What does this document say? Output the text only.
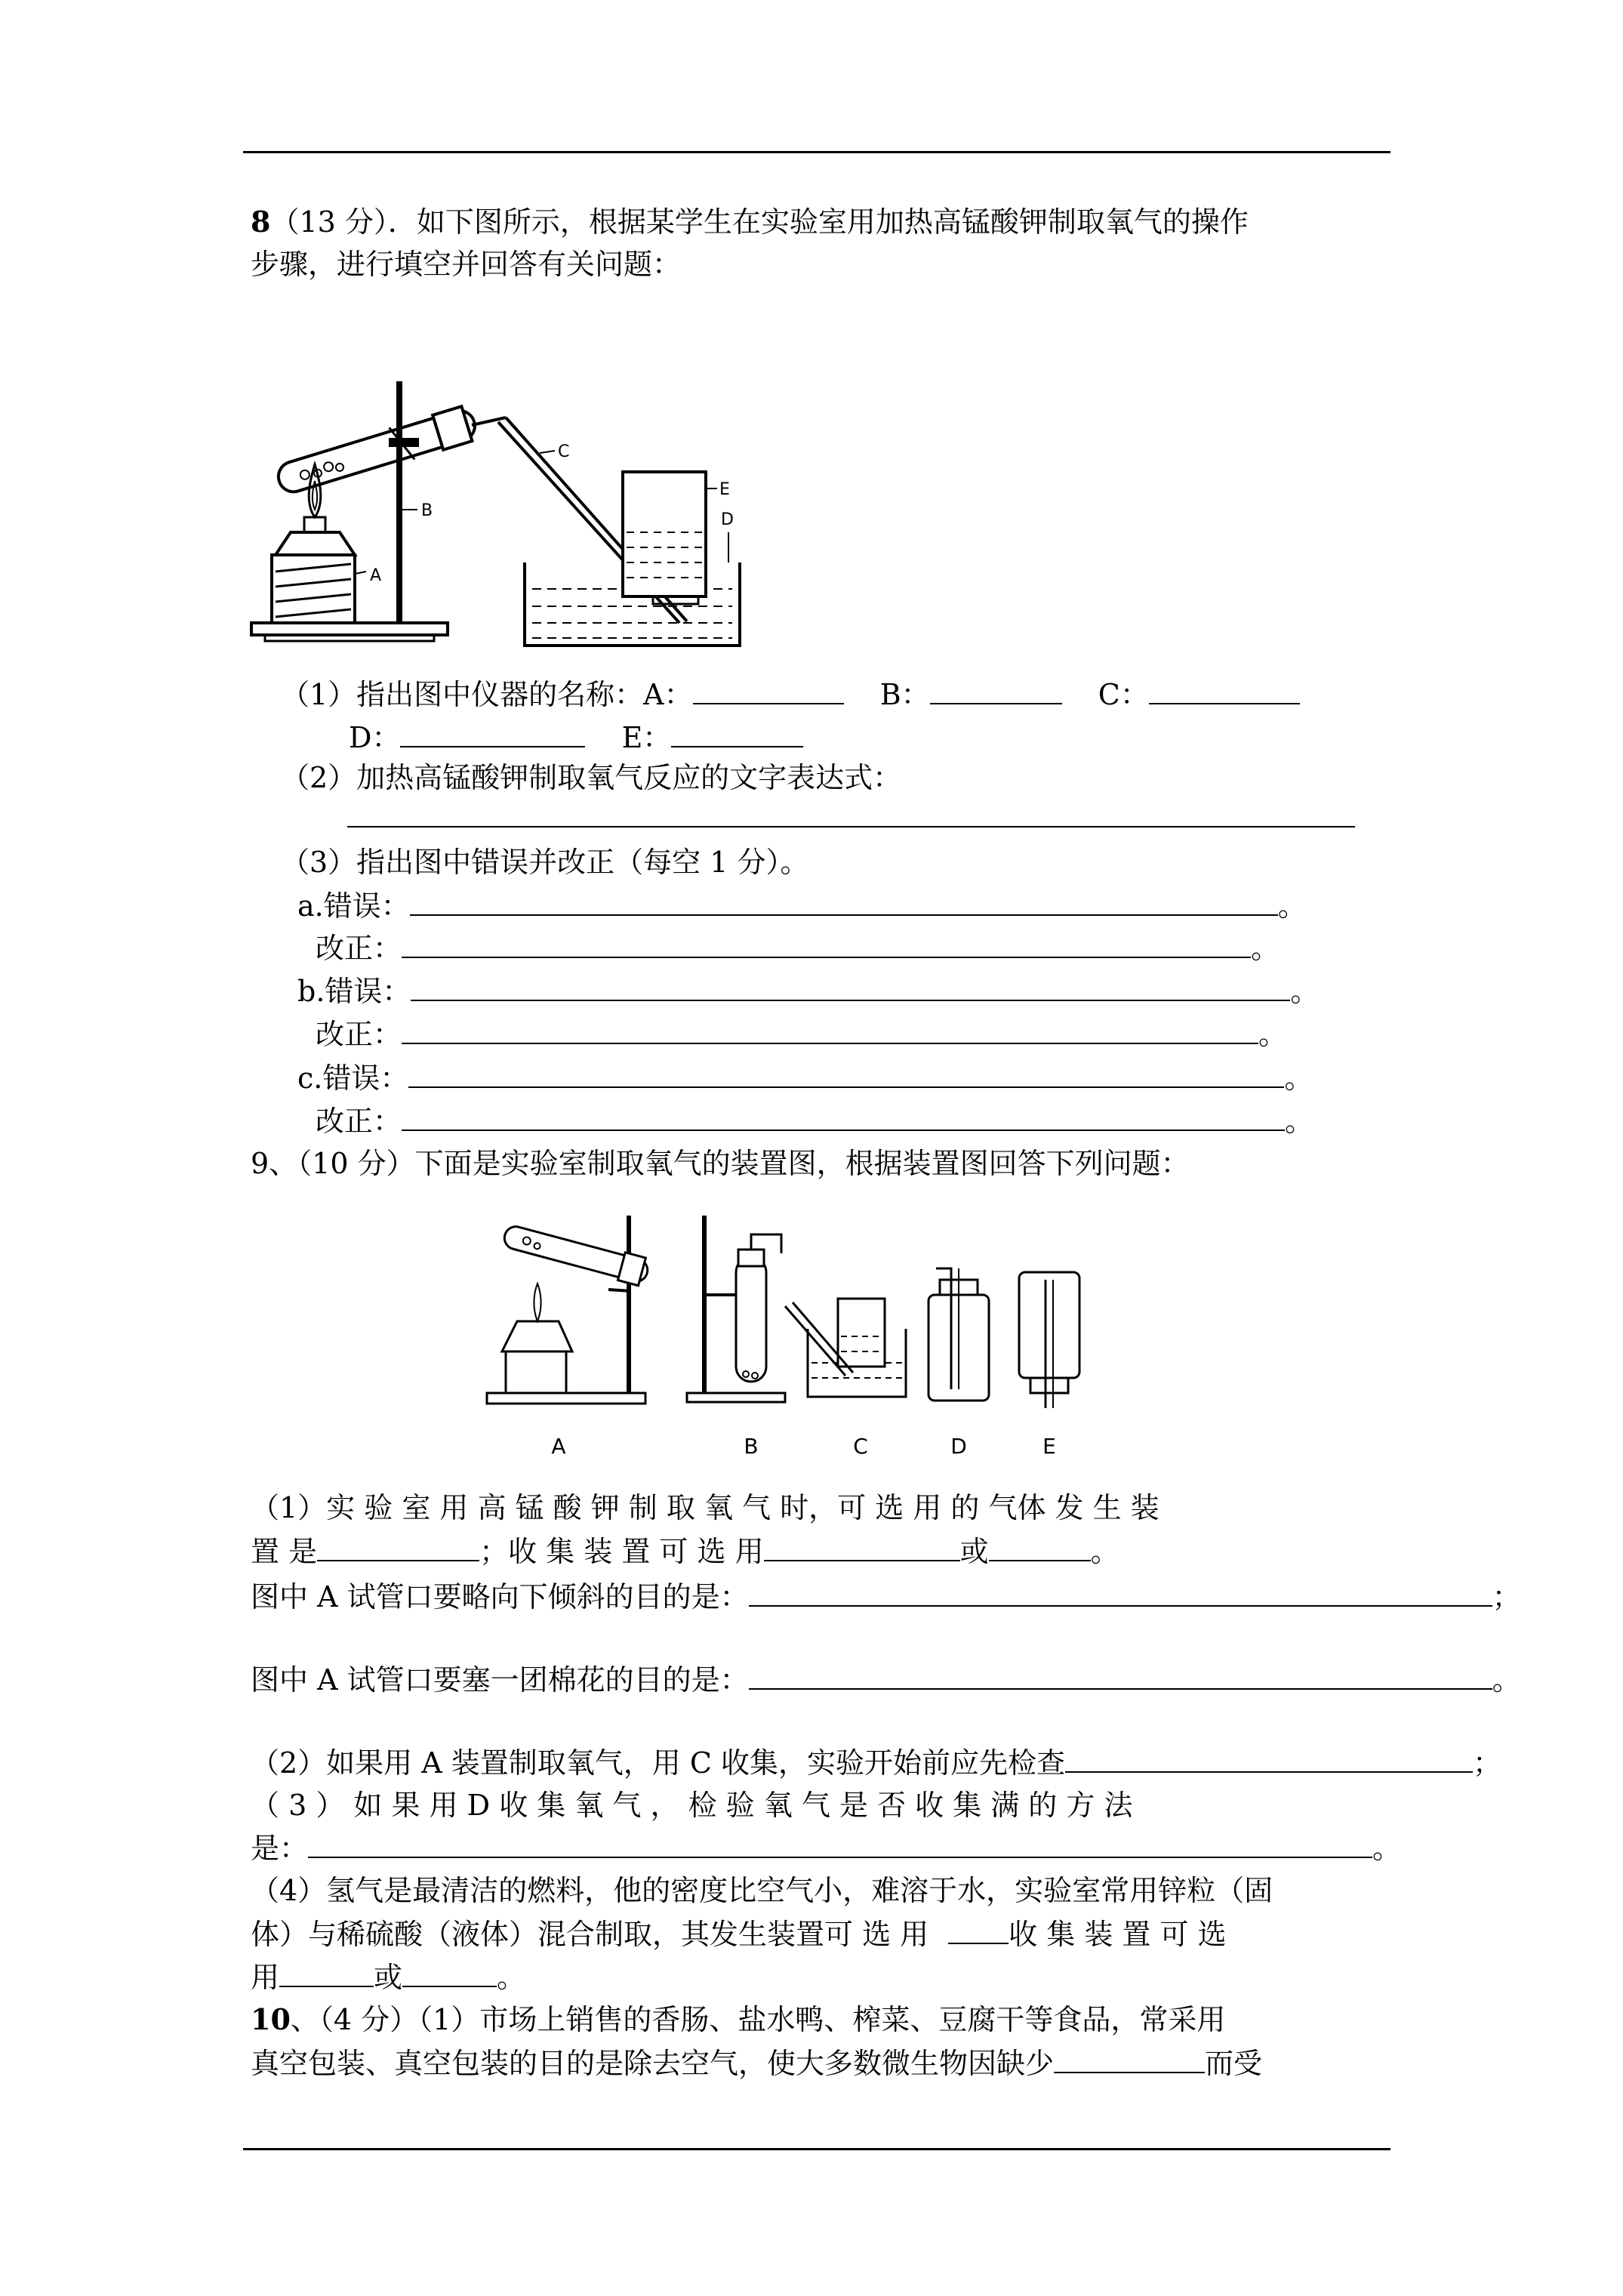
8（13 分）．如下图所示，根据某学生在实验室用加热高锰酸钾制取氧气的操作
步骤，进行填空并回答有关问题：
A
B
C
E
D
（1）指出图中仪器的名称：A：	B：	C：
D：	E：
（2）加热高锰酸钾制取氧气反应的文字表达式：
（3）指出图中错误并改正（每空 1 分）。
a.错误：	。
改正：	。
b.错误：	。
改正：	。
c.错误：	。
改正：	。
9、（10 分）下面是实验室制取氧气的装置图，根据装置图回答下列问题：
A	B	C	D	E
（1）实 验 室 用 高 锰 酸 钾 制 取 氧 气 时，可 选 用 的 气体 发 生 装
置 是	；收 集 装 置 可 选 用	或	。
图中 A 试管口要略向下倾斜的目的是：	；
图中 A 试管口要塞一团棉花的目的是：	。
（2）如果用 A 装置制取氧气，用 C 收集，实验开始前应先检查	；
（ 3 ） 如 果 用 D 收 集 氧 气 ， 检 验 氧 气 是 否 收 集 满 的 方 法
是：	。
（4）氢气是最清洁的燃料，他的密度比空气小，难溶于水，实验室常用锌粒（固
体）与稀硫酸（液体）混合制取，其发生装置可 选 用	收 集 装 置 可 选
用	或	。
10、（4 分）（1）市场上销售的香肠、盐水鸭、榨菜、豆腐干等食品，常采用
真空包装、真空包装的目的是除去空气，使大多数微生物因缺少	而受
